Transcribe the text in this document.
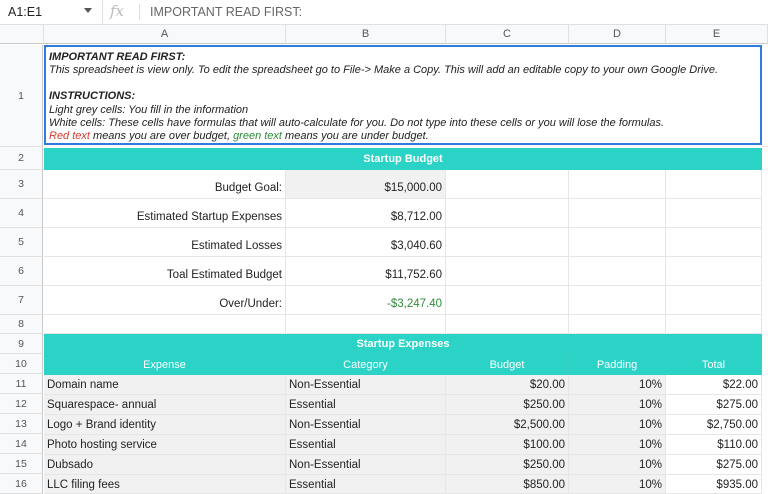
A1:E1	fx IMPORTANT READ FIRST:
A	B	C	D	E
1
2
3
4
5
6
7
8
9
10
11
12
13
14
15
16
IMPORTANT READ FIRST:
This spreadsheet is view only. To edit the spreadsheet go to File-> Make a Copy. This will add an editable copy to your own Google Drive.
INSTRUCTIONS:
Light grey cells: You fill in the information
White cells: These cells have formulas that will auto-calculate for you. Do not type into these cells or you will lose the formulas.
Red text means you are over budget, green text means you are under budget.
Startup Budget
Budget Goal:	$15,000.00
Estimated Startup Expenses	$8,712.00
Estimated Losses	$3,040.60
Toal Estimated Budget	$11,752.60
Over/Under:	-$3,247.40
Startup Expenses
Expense	Category	Budget	Padding	Total
Domain name	Non-Essential	$20.00	10%	$22.00
Squarespace- annual	Essential	$250.00	10%	$275.00
Logo + Brand identity	Non-Essential	$2,500.00	10%	$2,750.00
Photo hosting service	Essential	$100.00	10%	$110.00
Dubsado	Non-Essential	$250.00	10%	$275.00
LLC filing fees	Essential	$850.00	10%	$935.00
